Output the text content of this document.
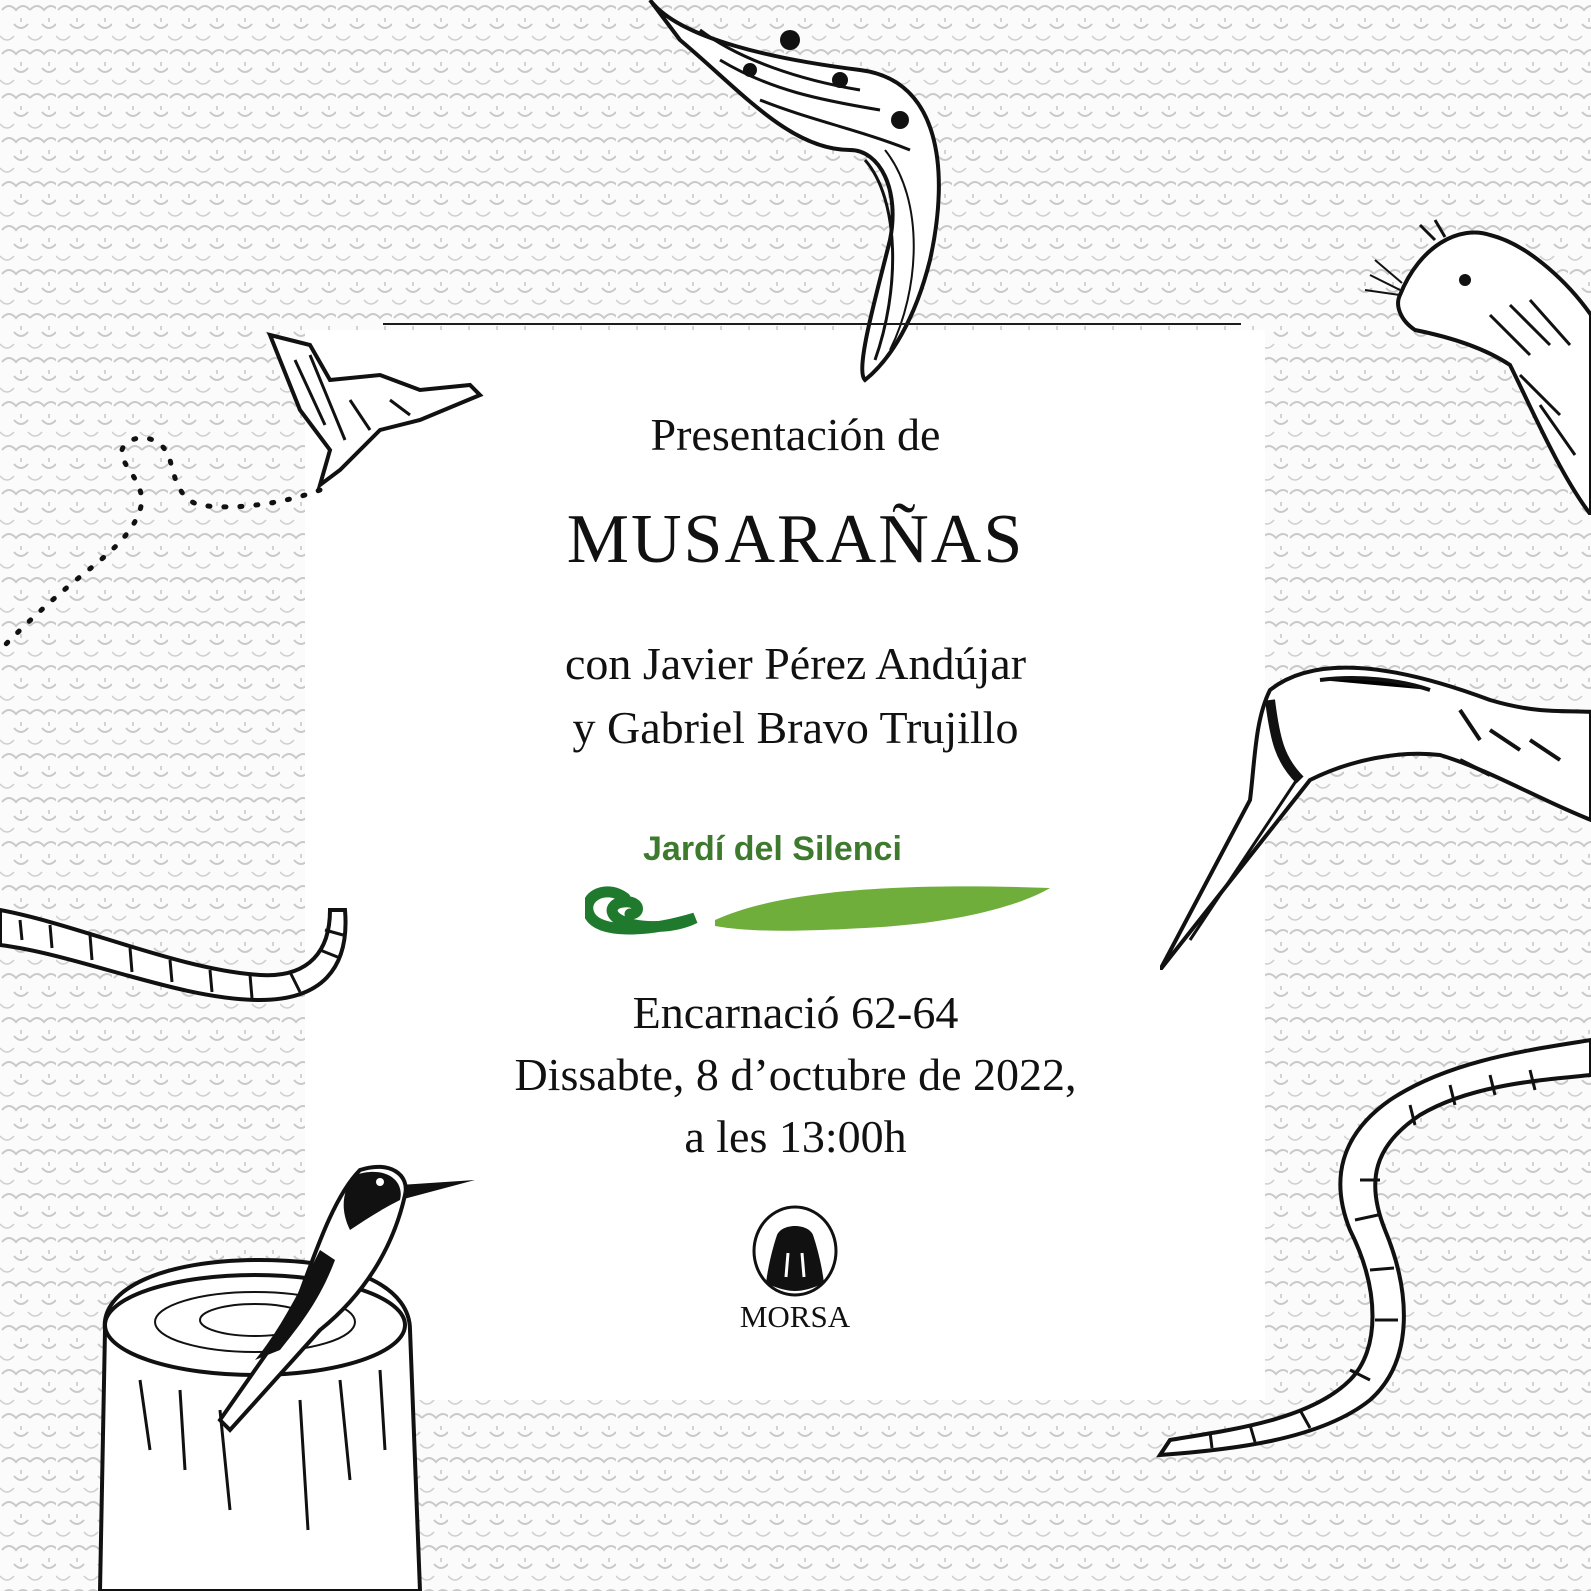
Presentación de
MUSARAÑAS
con Javier Pérez Andújar
y Gabriel Bravo Trujillo
Jardí del Silenci
Encarnació 62-64
Dissabte, 8 d’octubre de 2022,
a les 13:00h
MORSA
